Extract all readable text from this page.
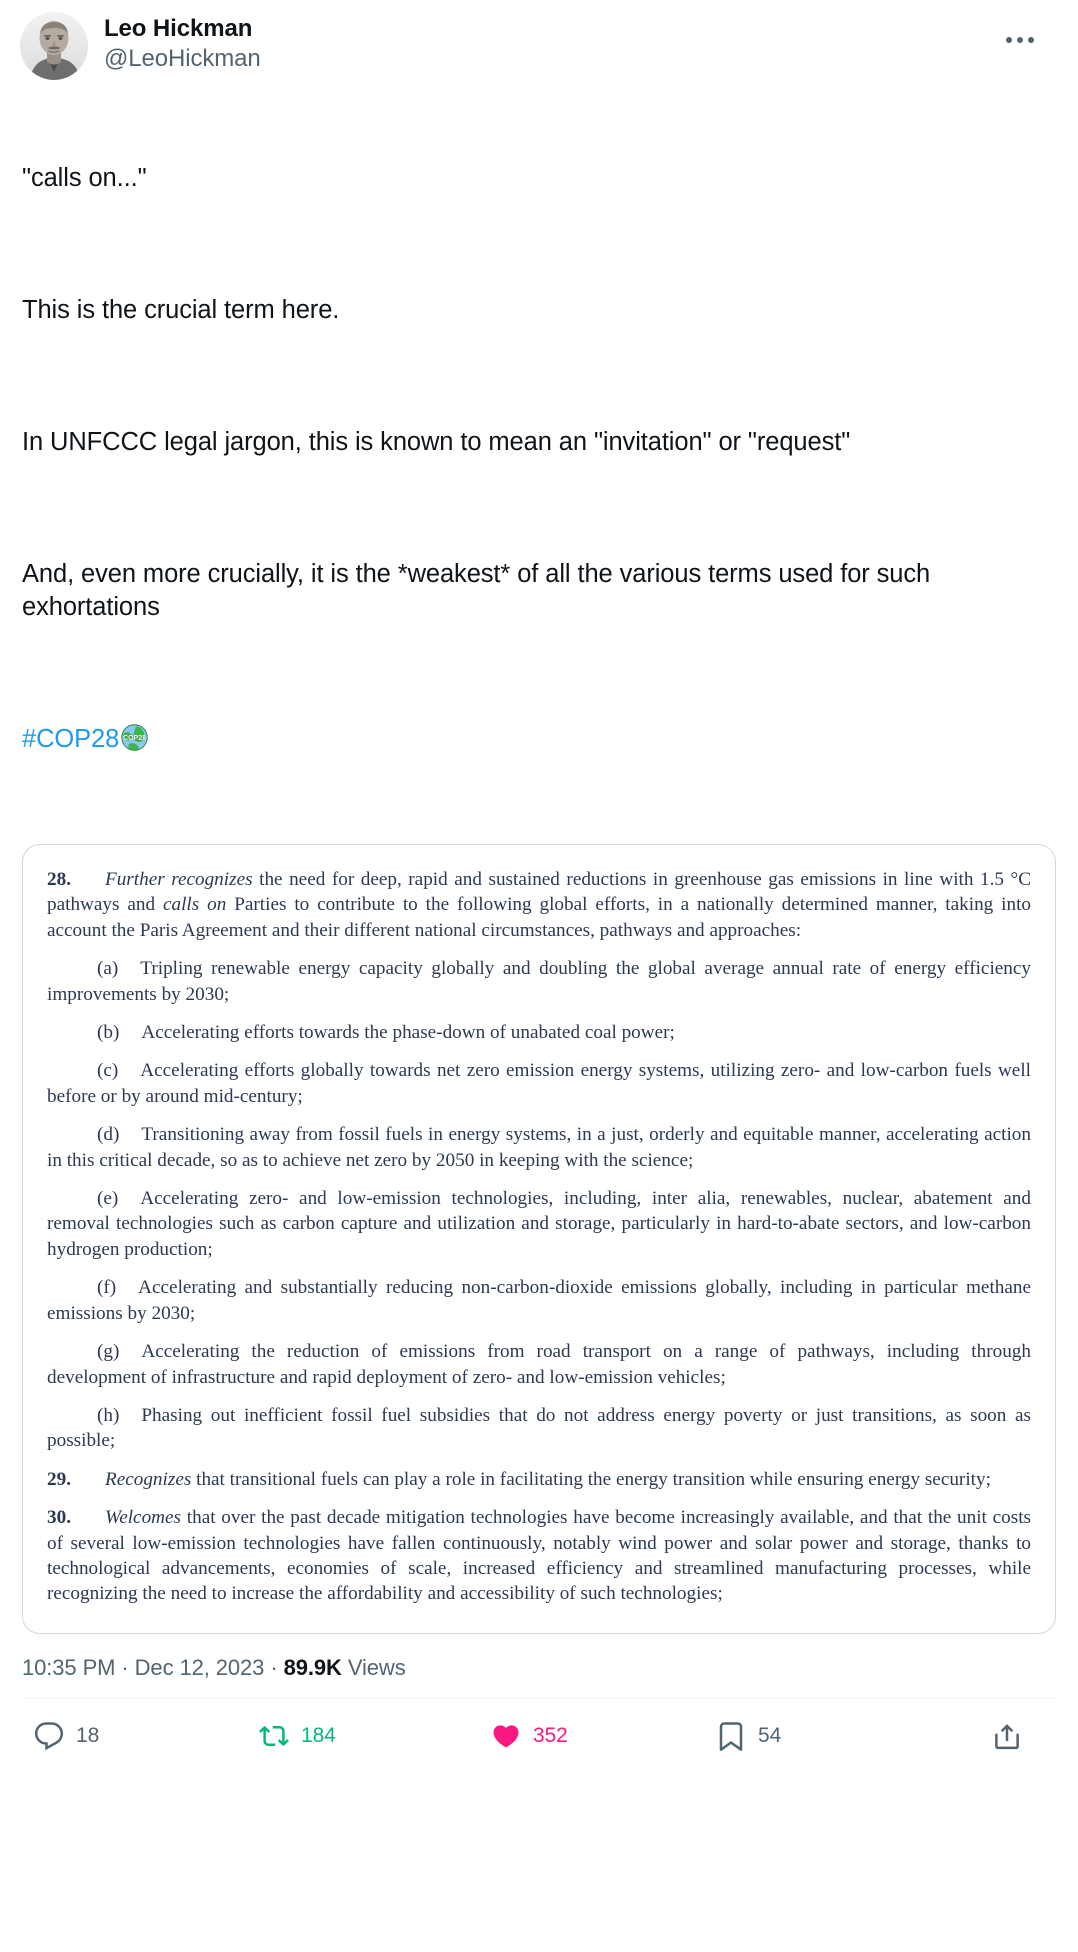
Leo Hickman
@LeoHickman

"calls on..."

This is the crucial term here.

In UNFCCC legal jargon, this is known to mean an "invitation" or "request"

And, even more crucially, it is the *weakest* of all the various terms used for such exhortations

#COP28 COP28

28. Further recognizes the need for deep, rapid and sustained reductions in greenhouse gas emissions in line with 1.5 °C pathways and calls on Parties to contribute to the following global efforts, in a nationally determined manner, taking into account the Paris Agreement and their different national circumstances, pathways and approaches:

(a) Tripling renewable energy capacity globally and doubling the global average annual rate of energy efficiency improvements by 2030;

(b) Accelerating efforts towards the phase-down of unabated coal power;

(c) Accelerating efforts globally towards net zero emission energy systems, utilizing zero- and low-carbon fuels well before or by around mid-century;

(d) Transitioning away from fossil fuels in energy systems, in a just, orderly and equitable manner, accelerating action in this critical decade, so as to achieve net zero by 2050 in keeping with the science;

(e) Accelerating zero- and low-emission technologies, including, inter alia, renewables, nuclear, abatement and removal technologies such as carbon capture and utilization and storage, particularly in hard-to-abate sectors, and low-carbon hydrogen production;

(f) Accelerating and substantially reducing non-carbon-dioxide emissions globally, including in particular methane emissions by 2030;

(g) Accelerating the reduction of emissions from road transport on a range of pathways, including through development of infrastructure and rapid deployment of zero- and low-emission vehicles;

(h) Phasing out inefficient fossil fuel subsidies that do not address energy poverty or just transitions, as soon as possible;

29. Recognizes that transitional fuels can play a role in facilitating the energy transition while ensuring energy security;

30. Welcomes that over the past decade mitigation technologies have become increasingly available, and that the unit costs of several low-emission technologies have fallen continuously, notably wind power and solar power and storage, thanks to technological advancements, economies of scale, increased efficiency and streamlined manufacturing processes, while recognizing the need to increase the affordability and accessibility of such technologies;

10:35 PM · Dec 12, 2023 · 89.9K Views
18	184	352	54
